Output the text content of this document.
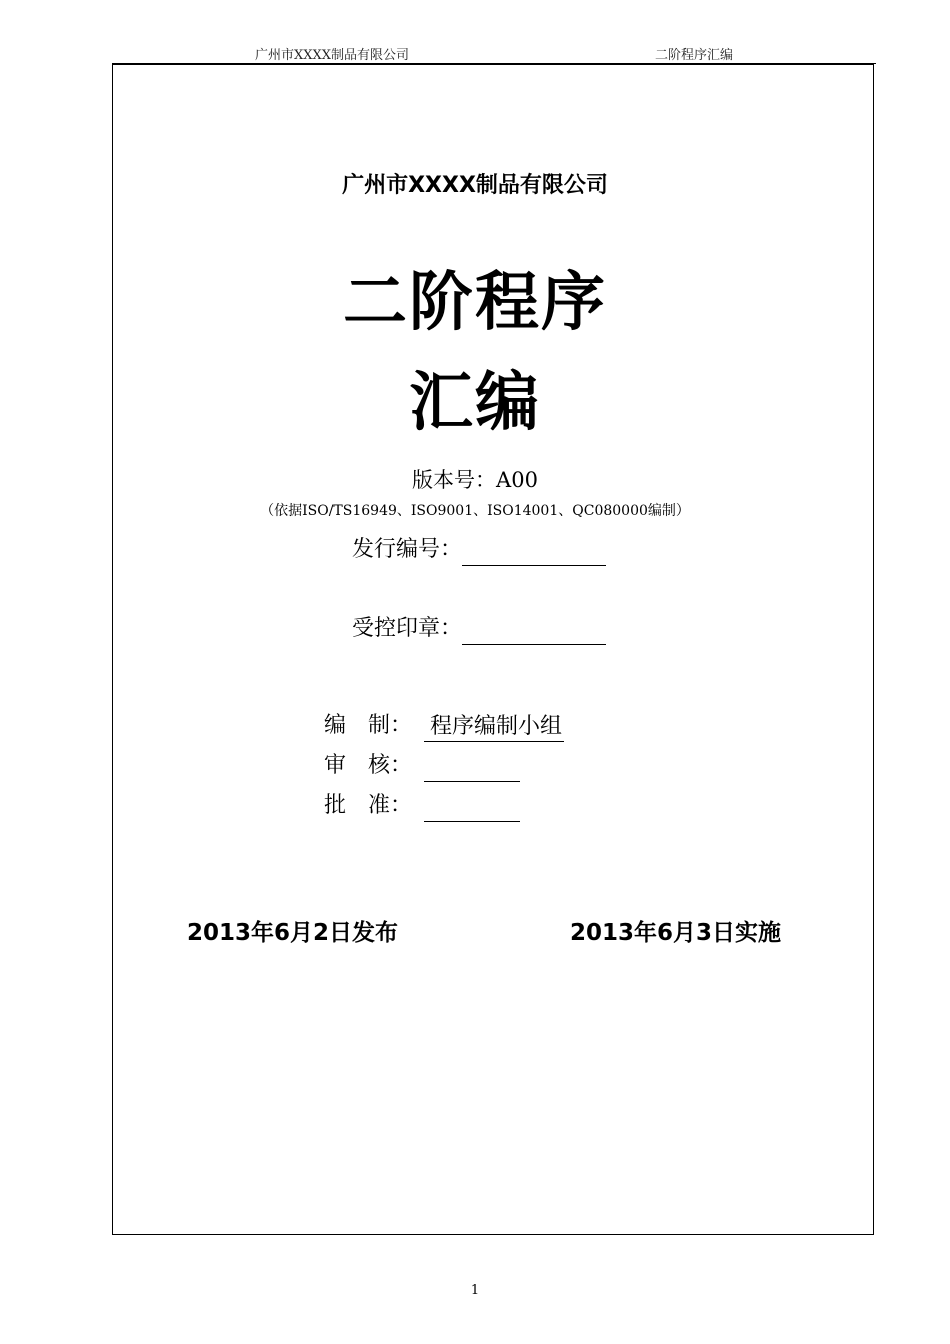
广州市XXXX制品有限公司	二阶程序汇编
广州市XXXX制品有限公司
二阶程序
汇编
版本号：A00
（依据ISO/TS16949、ISO9001、ISO14001、QC080000编制）
发行编号：
受控印章：
编　制： 程序编制小组
审　核：
批　准：
2013年6月2日发布	2013年6月3日实施
1
